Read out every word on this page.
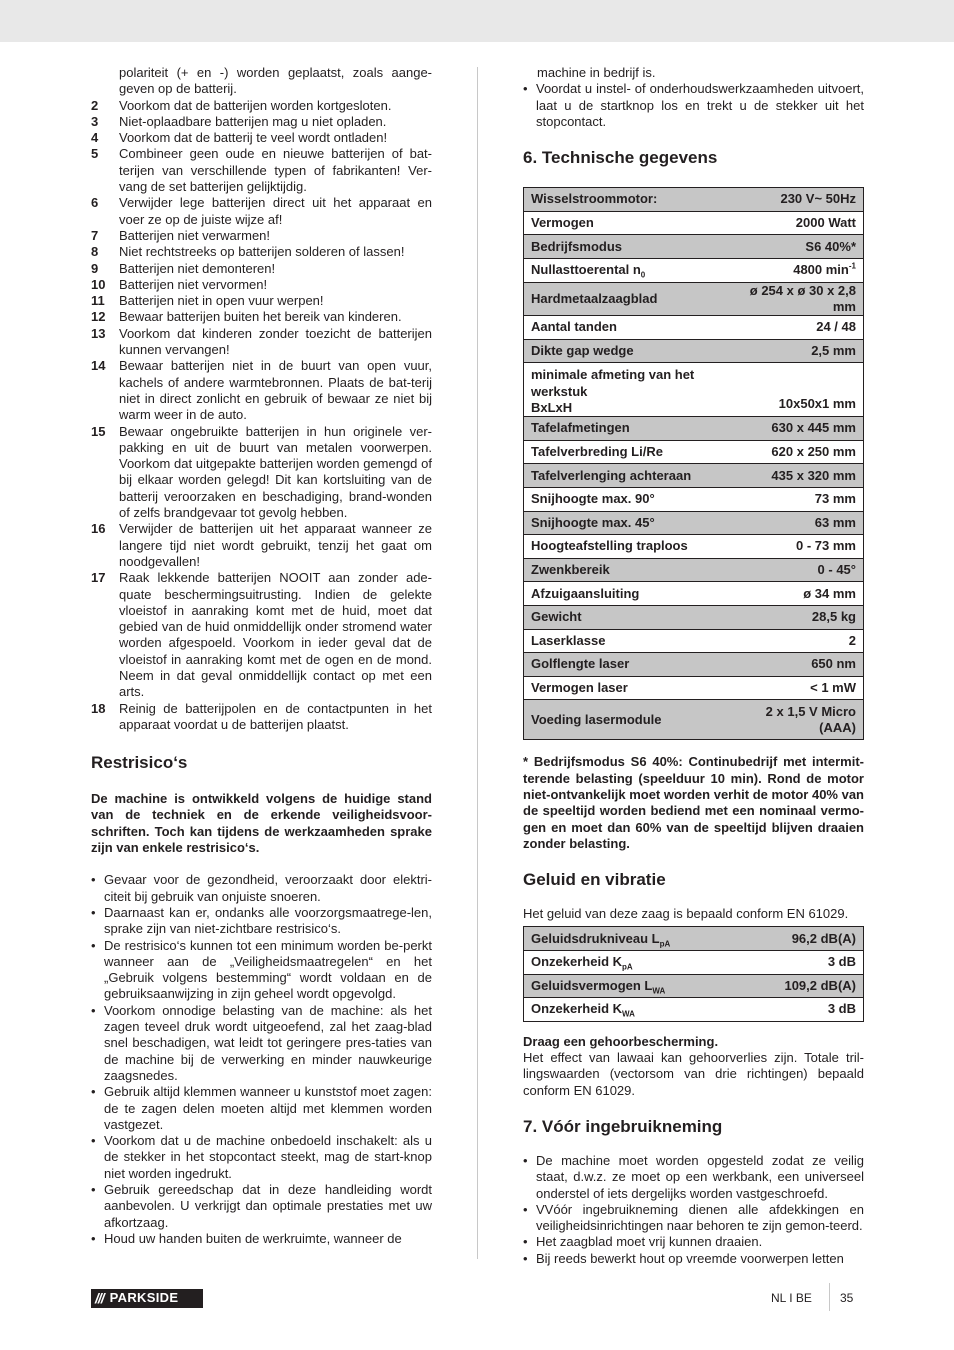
polariteit (+ en -) worden geplaatst, zoals aange-geven op de batterij.
2	Voorkom dat de batterijen worden kortgesloten.
3	Niet-oplaadbare batterijen mag u niet opladen.
4	Voorkom dat de batterij te veel wordt ontladen!
5	Combineer geen oude en nieuwe batterijen of bat-terijen van verschillende typen of fabrikanten! Ver-vang de set batterijen gelijktijdig.
6	Verwijder lege batterijen direct uit het apparaat en voer ze op de juiste wijze af!
7	Batterijen niet verwarmen!
8	Niet rechtstreeks op batterijen solderen of lassen!
9	Batterijen niet demonteren!
10	Batterijen niet vervormen!
11	Batterijen niet in open vuur werpen!
12	Bewaar batterijen buiten het bereik van kinderen.
13	Voorkom dat kinderen zonder toezicht de batterijen kunnen vervangen!
14	Bewaar batterijen niet in de buurt van open vuur, kachels of andere warmtebronnen. Plaats de bat-terij niet in direct zonlicht en gebruik of bewaar ze niet bij warm weer in de auto.
15	Bewaar ongebruikte batterijen in hun originele ver-pakking en uit de buurt van metalen voorwerpen. Voorkom dat uitgepakte batterijen worden gemengd of bij elkaar worden gelegd! Dit kan kortsluiting van de batterij veroorzaken en beschadiging, brand-wonden of zelfs brandgevaar tot gevolg hebben.
16	Verwijder de batterijen uit het apparaat wanneer ze langere tijd niet wordt gebruikt, tenzij het gaat om noodgevallen!
17	Raak lekkende batterijen NOOIT aan zonder ade-quate beschermingsuitrusting. Indien de gelekte vloeistof in aanraking komt met de huid, moet dat gebied van de huid onmiddellijk onder stromend water worden afgespoeld. Voorkom in ieder geval dat de vloeistof in aanraking komt met de ogen en de mond. Neem in dat geval onmiddellijk contact op met een arts.
18	Reinig de batterijpolen en de contactpunten in het apparaat voordat u de batterijen plaatst.
Restrisico‘s

De machine is ontwikkeld volgens de huidige stand van de techniek en de erkende veiligheidsvoor-schriften. Toch kan tijdens de werkzaamheden sprake zijn van enkele restrisico‘s.

• Gevaar voor de gezondheid, veroorzaakt door elektri-citeit bij gebruik van onjuiste snoeren.
• Daarnaast kan er, ondanks alle voorzorgsmaatrege-len, sprake zijn van niet-zichtbare restrisico‘s.
• De restrisico‘s kunnen tot een minimum worden be-perkt wanneer aan de „Veiligheidsmaatregelen“ en het „Gebruik volgens bestemming“ wordt voldaan en de gebruiksaanwijzing in zijn geheel wordt opgevolgd.
• Voorkom onnodige belasting van de machine: als het zagen teveel druk wordt uitgeoefend, zal het zaag-blad snel beschadigen, wat leidt tot geringere pres-taties van de machine bij de verwerking en minder nauwkeurige zaagsnedes.
• Gebruik altijd klemmen wanneer u kunststof moet zagen: de te zagen delen moeten altijd met klemmen worden vastgezet.
• Voorkom dat u de machine onbedoeld inschakelt: als u de stekker in het stopcontact steekt, mag de start-knop niet worden ingedrukt.
• Gebruik gereedschap dat in deze handleiding wordt aanbevolen. U verkrijgt dan optimale prestaties met uw afkortzaag.
• Houd uw handen buiten de werkruimte, wanneer de
machine in bedrijf is.
• Voordat u instel- of onderhoudswerkzaamheden uitvoert, laat u de startknop los en trekt u de stekker uit het stopcontact.
6. Technische gegevens
Wisselstroommotor:	230 V~ 50Hz
Vermogen	2000 Watt
Bedrijfsmodus	S6 40%*
Nullasttoerental $n_0$	4800 $\min^{-1}$
Hardmetaalzaagblad	ø 254 x ø 30 x 2,8 mm
Aantal tanden	24 / 48
Dikte gap wedge	2,5 mm
minimale afmeting van het werkstuk
BxLxH	10x50x1 mm
Tafelafmetingen	630 x 445 mm
Tafelverbreding Li/Re	620 x 250 mm
Tafelverlenging achteraan	435 x 320 mm
Snijhoogte max. 90°	73 mm
Snijhoogte max. 45°	63 mm
Hoogteafstelling traploos	0 - 73 mm
Zwenkbereik	0 - 45°
Afzuigaansluiting	ø 34 mm
Gewicht	28,5 kg
Laserklasse	2
Golflengte laser	650 nm
Vermogen laser	< 1 mW
Voeding lasermodule	2 x 1,5 V Micro
(AAA)

* Bedrijfsmodus S6 40%: Continubedrijf met intermit-terende belasting (speelduur 10 min). Rond de motor niet-ontvankelijk moet worden verhit de motor 40% van de speeltijd worden bediend met een nominaal vermo-gen en moet dan 60% van de speeltijd blijven draaien zonder belasting.

Geluid en vibratie

Het geluid van deze zaag is bepaald conform EN 61029.

Geluidsdrukniveau $L_{pA}$	96,2 dB(A)
Onzekerheid $K_{pA}$	3 dB
Geluidsvermogen $L_{WA}$	109,2 dB(A)
Onzekerheid $K_{WA}$	3 dB

Draag een gehoorbescherming.

Het effect van lawaai kan gehoorverlies zijn. Totale tril-lingswaarden (vectorsom van drie richtingen) bepaald conform EN 61029.

7. Vóór ingebruikneming
• De machine moet worden opgesteld zodat ze veilig staat, d.w.z. ze moet op een werkbank, een universeel onderstel of iets dergelijks worden vastgeschroefd.
• VVóór ingebruikneming dienen alle afdekkingen en veiligheidsinrichtingen naar behoren te zijn gemon-teerd.
• Het zaagblad moet vrij kunnen draaien.
• Bij reeds bewerkt hout op vreemde voorwerpen letten
/// PARKSIDE	NL I BE 35
